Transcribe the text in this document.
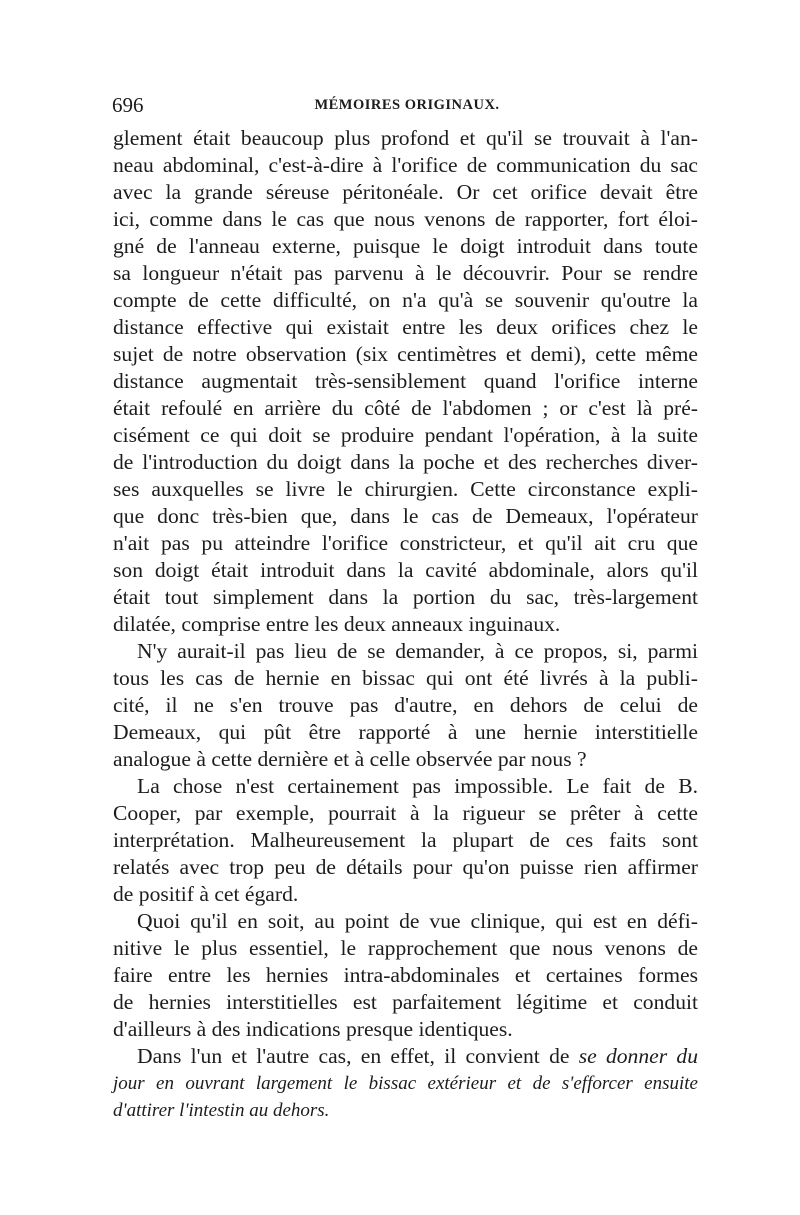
696	MÉMOIRES ORIGINAUX.
glement était beaucoup plus profond et qu'il se trouvait à l'an-
neau abdominal, c'est-à-dire à l'orifice de communication du sac
avec la grande séreuse péritonéale. Or cet orifice devait être
ici, comme dans le cas que nous venons de rapporter, fort éloi-
gné de l'anneau externe, puisque le doigt introduit dans toute
sa longueur n'était pas parvenu à le découvrir. Pour se rendre
compte de cette difficulté, on n'a qu'à se souvenir qu'outre la
distance effective qui existait entre les deux orifices chez le
sujet de notre observation (six centimètres et demi), cette même
distance augmentait très-sensiblement quand l'orifice interne
était refoulé en arrière du côté de l'abdomen ; or c'est là pré-
cisément ce qui doit se produire pendant l'opération, à la suite
de l'introduction du doigt dans la poche et des recherches diver-
ses auxquelles se livre le chirurgien. Cette circonstance expli-
que donc très-bien que, dans le cas de Demeaux, l'opérateur
n'ait pas pu atteindre l'orifice constricteur, et qu'il ait cru que
son doigt était introduit dans la cavité abdominale, alors qu'il
était tout simplement dans la portion du sac, très-largement
dilatée, comprise entre les deux anneaux inguinaux.
N'y aurait-il pas lieu de se demander, à ce propos, si, parmi
tous les cas de hernie en bissac qui ont été livrés à la publi-
cité, il ne s'en trouve pas d'autre, en dehors de celui de
Demeaux, qui pût être rapporté à une hernie interstitielle
analogue à cette dernière et à celle observée par nous ?
La chose n'est certainement pas impossible. Le fait de B.
Cooper, par exemple, pourrait à la rigueur se prêter à cette
interprétation. Malheureusement la plupart de ces faits sont
relatés avec trop peu de détails pour qu'on puisse rien affirmer
de positif à cet égard.
Quoi qu'il en soit, au point de vue clinique, qui est en défi-
nitive le plus essentiel, le rapprochement que nous venons de
faire entre les hernies intra-abdominales et certaines formes
de hernies interstitielles est parfaitement légitime et conduit
d'ailleurs à des indications presque identiques.
Dans l'un et l'autre cas, en effet, il convient de se donner du
jour en ouvrant largement le bissac extérieur et de s'efforcer ensuite
d'attirer l'intestin au dehors.
